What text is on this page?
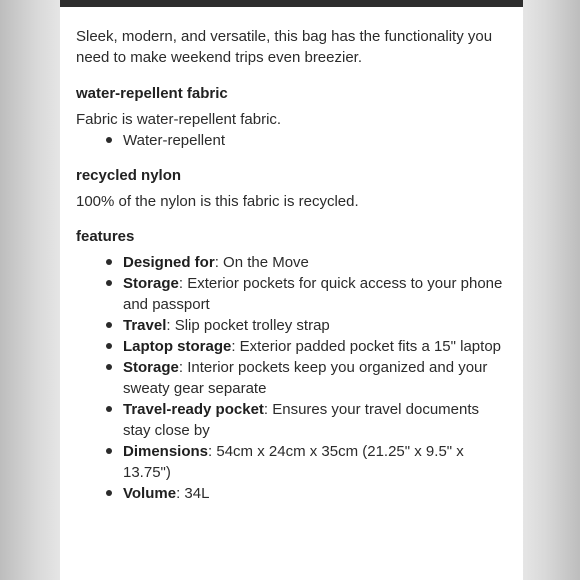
Sleek, modern, and versatile, this bag has the functionality you need to make weekend trips even breezier.

water-repellent fabric

Fabric is water-repellent fabric.

Water-repellent
recycled nylon

100% of the nylon is this fabric is recycled.

features
Designed for: On the Move
Storage: Exterior pockets for quick access to your phone and passport
Travel: Slip pocket trolley strap
Laptop storage: Exterior padded pocket fits a 15" laptop
Storage: Interior pockets keep you organized and your sweaty gear separate
Travel-ready pocket: Ensures your travel documents stay close by
Dimensions: 54cm x 24cm x 35cm (21.25" x 9.5" x 13.75")
Volume: 34L
